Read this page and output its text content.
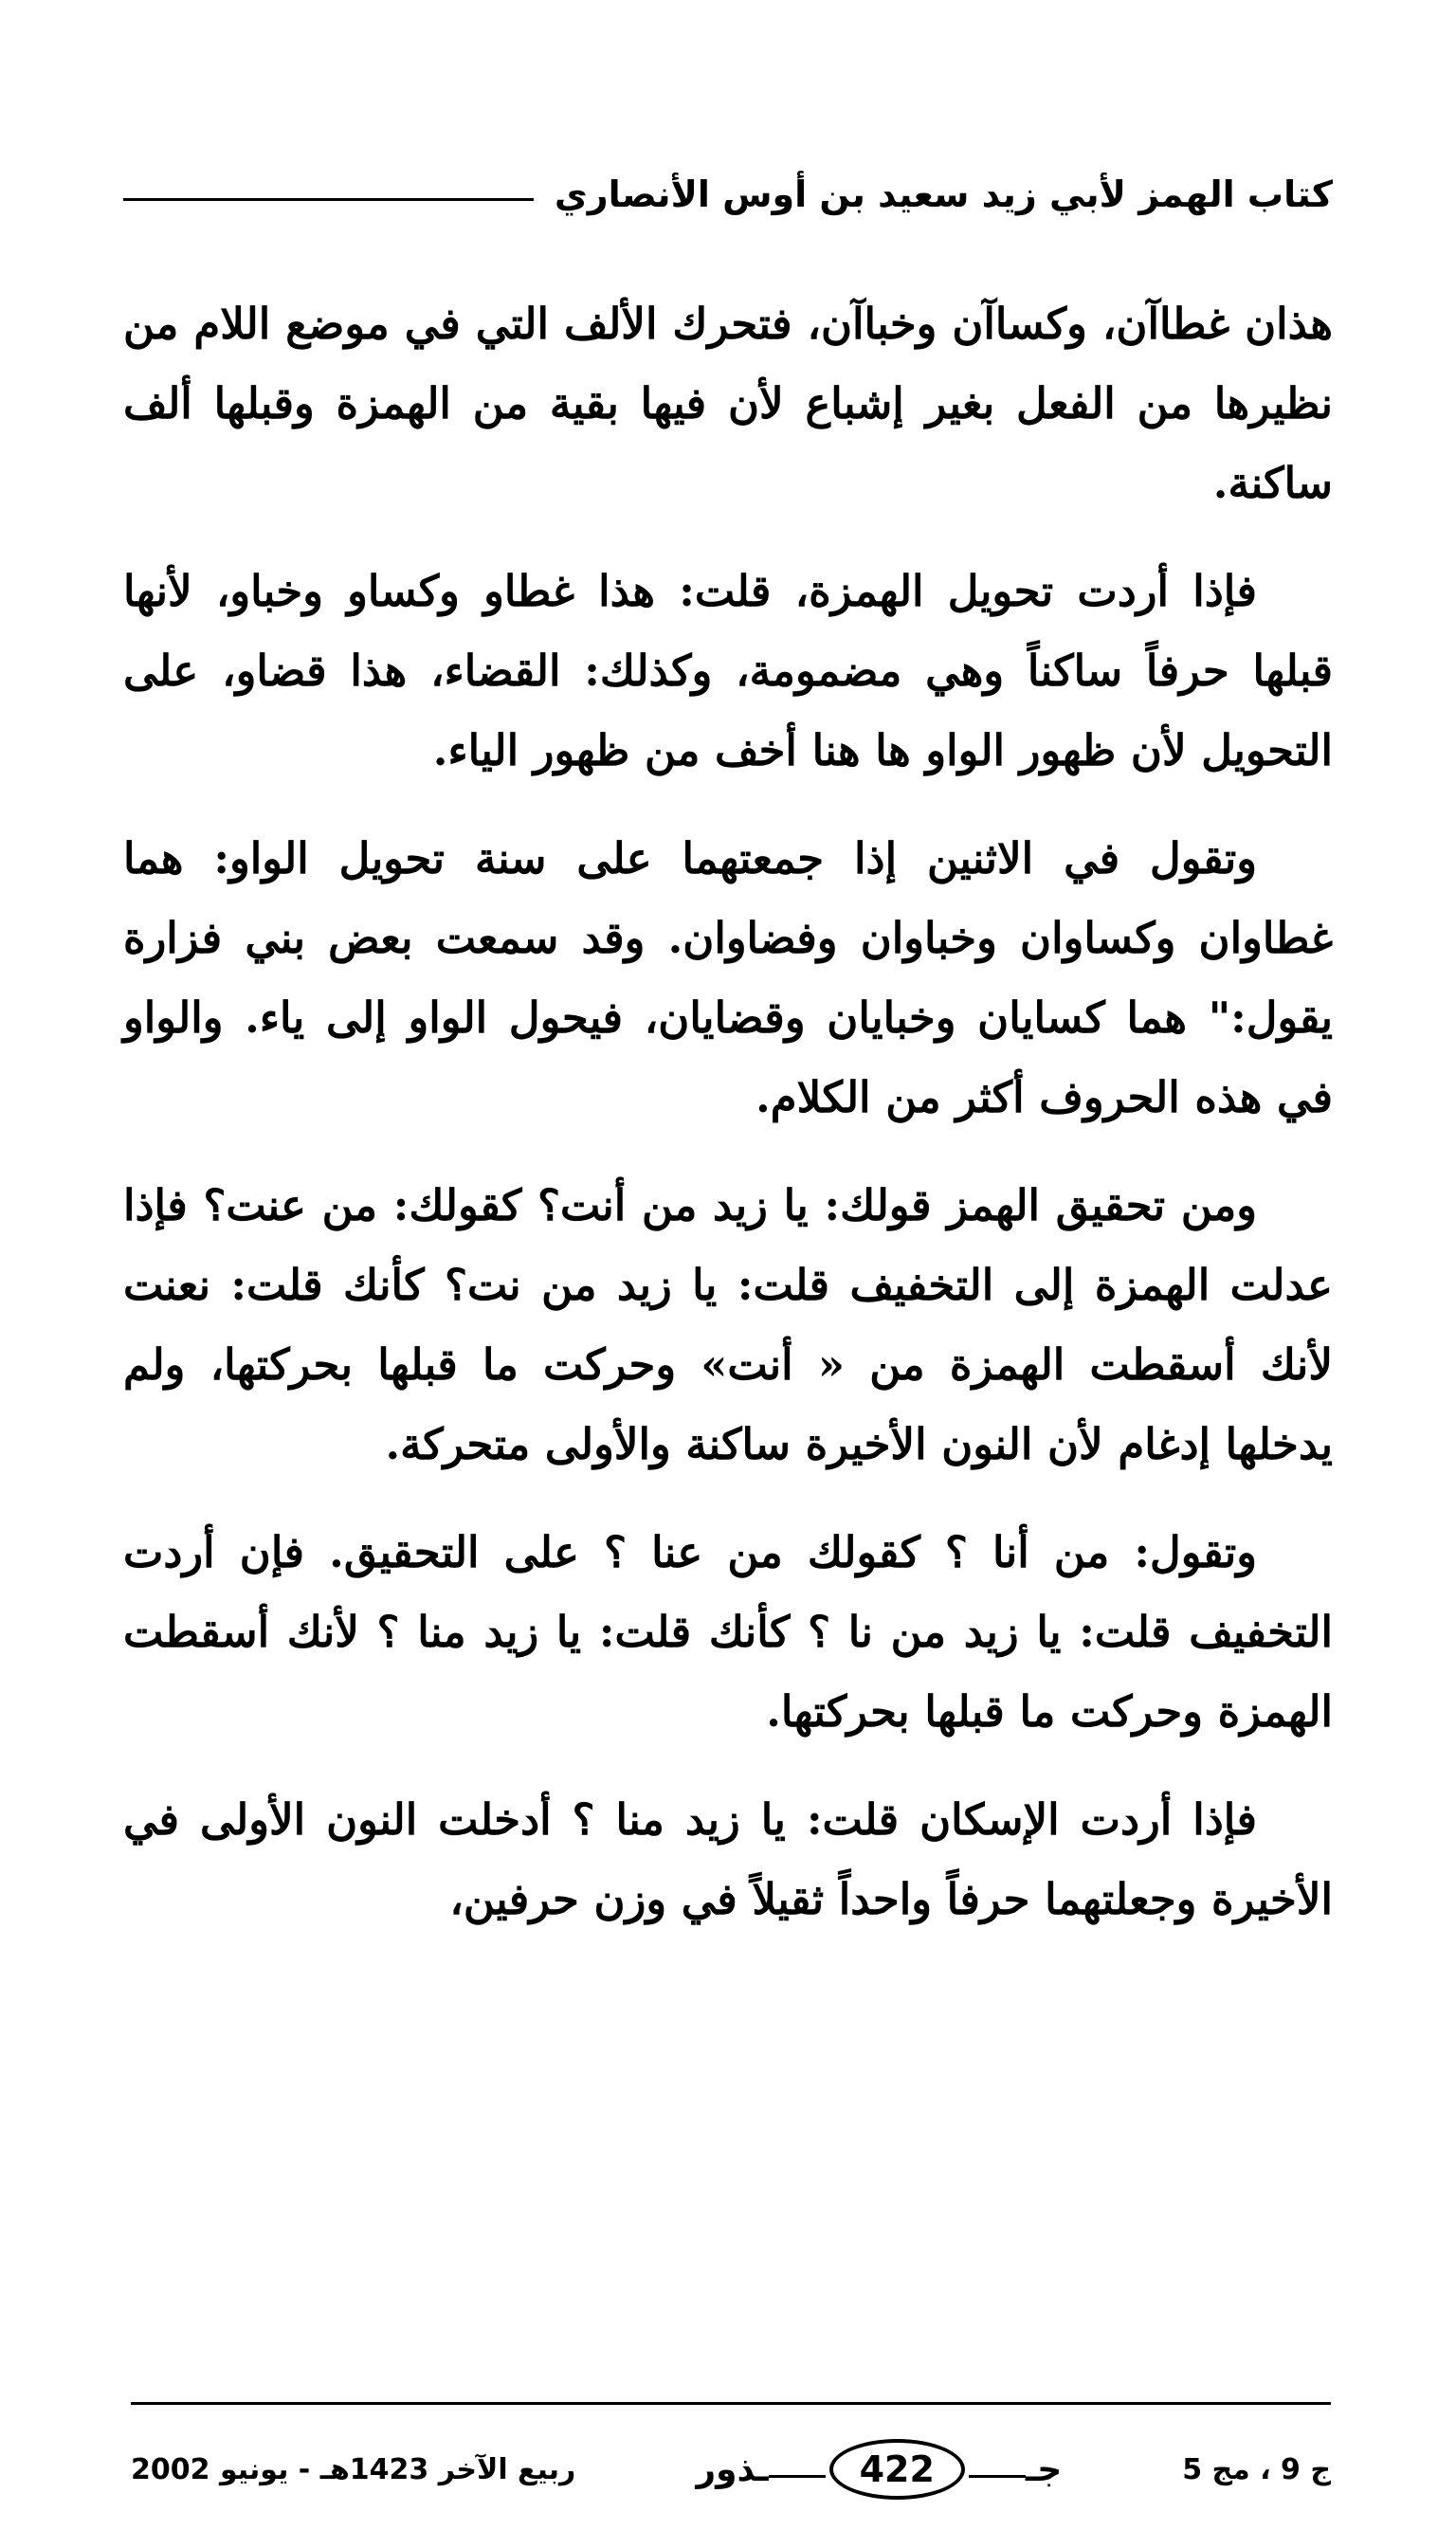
كتاب الهمز لأبي زيد سعيد بن أوس الأنصاري

هذان غطاآن، وكساآن وخباآن، فتحرك الألف التي في موضع اللام من نظيرها من الفعل بغير إشباع لأن فيها بقية من الهمزة وقبلها ألف ساكنة.

فإذا أردت تحويل الهمزة، قلت: هذا غطاو وكساو وخباو، لأنها قبلها حرفاً ساكناً وهي مضمومة، وكذلك: القضاء، هذا قضاو، على التحويل لأن ظهور الواو ها هنا أخف من ظهور الياء.

وتقول في الاثنين إذا جمعتهما على سنة تحويل الواو: هما غطاوان وكساوان وخباوان وفضاوان. وقد سمعت بعض بني فزارة يقول:" هما كسايان وخبايان وقضايان، فيحول الواو إلى ياء. والواو في هذه الحروف أكثر من الكلام.

ومن تحقيق الهمز قولك: يا زيد من أنت؟ كقولك: من عنت؟ فإذا عدلت الهمزة إلى التخفيف قلت: يا زيد من نت؟ كأنك قلت: نعنت لأنك أسقطت الهمزة من « أنت» وحركت ما قبلها بحركتها، ولم يدخلها إدغام لأن النون الأخيرة ساكنة والأولى متحركة.

وتقول: من أنا ؟ كقولك من عنا ؟ على التحقيق. فإن أردت التخفيف قلت: يا زيد من نا ؟ كأنك قلت: يا زيد منا ؟ لأنك أسقطت الهمزة وحركت ما قبلها بحركتها.

فإذا أردت الإسكان قلت: يا زيد منا ؟ أدخلت النون الأولى في الأخيرة وجعلتهما حرفاً واحداً ثقيلاً في وزن حرفين،

ج 9 ، مج 5
جـ
422
ـذور
ربيع الآخر 1423هـ - يونيو 2002
